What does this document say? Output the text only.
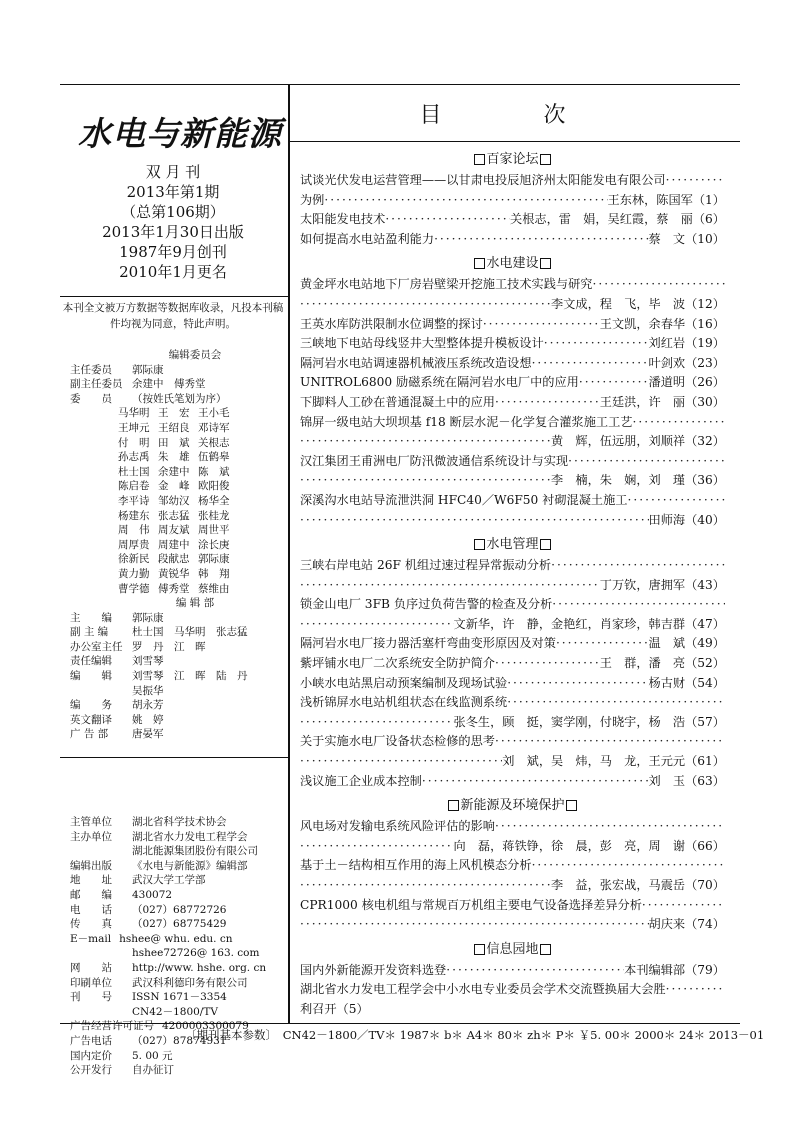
水电与新能源
双 月 刊
2013年第1期
（总第106期）
2013年1月30日出版
1987年9月创刊
2010年1月更名
本刊全文被万方数据等数据库收录，凡投本刊稿件均视为同意，特此声明。
编辑委员会
主任委员	郭际康
副主任委员 余建中　傅秀堂
委　　员	（按姓氏笔划为序）
马华明 王　宏 王小毛
王坤元 王绍良 邓诗军
付　明 田　斌 关根志
孙志禹 朱　雄 伍鹤皋
杜士国 余建中 陈　斌
陈启卷 金　峰 欧阳俊
李平诗 邹幼汉 杨华全
杨建东 张志猛 张桂龙
周　伟 周友斌 周世平
周厚贵 周建中 涂长庚
徐新民 段献忠 郭际康
黄力勤 黄锐华 韩　翔
曹学德 傅秀堂 蔡维由
编 辑 部
主　　编	郭际康
副 主 编	杜士国　马华明　张志猛
办公室主任 罗　丹　江　晖
责任编辑	刘雪琴
编　　辑	刘雪琴　江　晖　陆　丹
吴振华
编　　务	胡永芳
英文翻译	姚　婷
广 告 部	唐晏军
主管单位	湖北省科学技术协会
主办单位	湖北省水力发电工程学会
湖北能源集团股份有限公司
编辑出版	《水电与新能源》编辑部
地　　址	武汉大学工学部
邮　　编	430072
电　　话	（027）68772726
传　　真	（027）68775429
E－mail hshee@ whu. edu. cn
hshee72726@ 163. com
网　　站	http://www. hshe. org. cn
印刷单位	武汉科利德印务有限公司
刊　　号	ISSN 1671－3354
CN42－1800/TV
广告经营许可证号 4200003300079
广告电话	（027）87874931
国内定价	5. 00 元
公开发行	自办征订
目　次
百家论坛
试谈光伏发电运营管理——以甘肃电投辰旭济州太阳能发电有限公司
·····
为例 ·····	王东林，陈国军（1）
太阳能发电技术 ·····	关根志，雷　娟，吴红霞，蔡　丽（6）
如何提高水电站盈利能力 ·····	蔡　文（10）
水电建设
黄金坪水电站地下厂房岩壁梁开挖施工技术实践与研究
·····
·····
李文成，程　飞，毕　波（12）
王英水库防洪限制水位调整的探讨 ·····	王文凯，余春华（16）
三峡地下电站母线竖井大型整体提升模板设计 ·····	刘红岩（19）
隔河岩水电站调速器机械液压系统改造设想 ·····	叶剑欢（23）
UNITROL6800 励磁系统在隔河岩水电厂中的应用 ·····	潘道明（26）
下脚料人工砂在普通混凝土中的应用 ·····	王廷洪，许　丽（30）
锦屏一级电站大坝坝基 f18 断层水泥－化学复合灌浆施工工艺
·····
·····
黄　辉，伍远朋，刘顺祥（32）
汉江集团王甫洲电厂防汛微波通信系统设计与实现
·····
·····
李　楠，朱　娴，刘　瑾（36）
深溪沟水电站导流泄洪洞 HFC40／W6F50 衬砌混凝土施工
·····
·····
田师海（40）
水电管理
三峡右岸电站 26F 机组过速过程异常振动分析
·····
·····
丁万钦，唐拥军（43）
锁金山电厂 3FB 负序过负荷告警的检查及分析
·····
·····
文新华，许　静，金艳红，肖家珍，韩吉群（47）
隔河岩水电厂接力器活塞杆弯曲变形原因及对策 ·····	温　斌（49）
紫坪铺水电厂二次系统安全防护简介 ·····	王　群，潘　亮（52）
小峡水电站黑启动预案编制及现场试验 ·····	杨古财（54）
浅析锦屏水电站机组状态在线监测系统
·····
·····
张冬生，顾　挺，窦学刚，付晓宇，杨　浩（57）
关于实施水电厂设备状态检修的思考
·····
·····
刘　斌，吴　炜，马　龙，王元元（61）
浅议施工企业成本控制 ·····	刘　玉（63）
新能源及环境保护
风电场对发输电系统风险评估的影响
·····
·····
向　磊，蒋铁铮，徐　晨，彭　亮，周　谢（66）
基于土－结构相互作用的海上风机模态分析
·····
·····
李　益，张宏战，马震岳（70）
CPR1000 核电机组与常规百万机组主要电气设备选择差异分析
·····
·····
胡庆来（74）
信息园地
国内外新能源开发资料选登 ·····	本刊编辑部（79）
湖北省水力发电工程学会中小水电专业委员会学术交流暨换届大会胜
·····
利召开（5）
〔期刊基本参数〕　CN42－1800／TV＊ 1987＊ b＊ A4＊ 80＊ zh＊ P＊ ￥5. 00＊ 2000＊ 24＊ 2013－01
